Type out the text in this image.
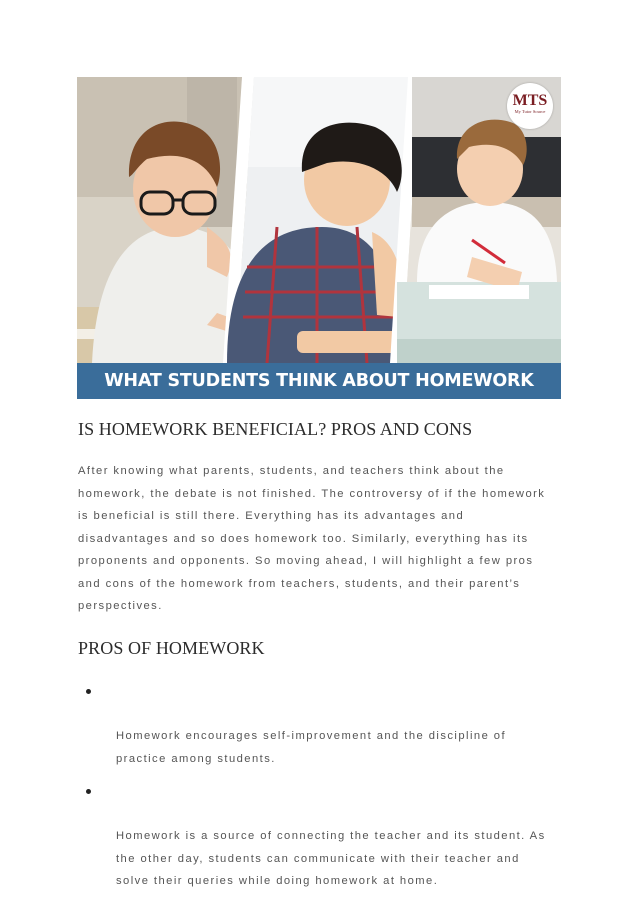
MTS
My Tutor Source
WHAT STUDENTS THINK ABOUT HOMEWORK
IS HOMEWORK BENEFICIAL? PROS AND CONS

After knowing what parents, students, and teachers think about the
homework, the debate is not finished. The controversy of if the homework
is beneficial is still there. Everything has its advantages and
disadvantages and so does homework too. Similarly, everything has its
proponents and opponents. So moving ahead, I will highlight a few pros
and cons of the homework from teachers, students, and their parent’s
perspectives.

PROS OF HOMEWORK

Homework encourages self-improvement and the discipline of
practice among students.

Homework is a source of connecting the teacher and its student. As
the other day, students can communicate with their teacher and
solve their queries while doing homework at home.
